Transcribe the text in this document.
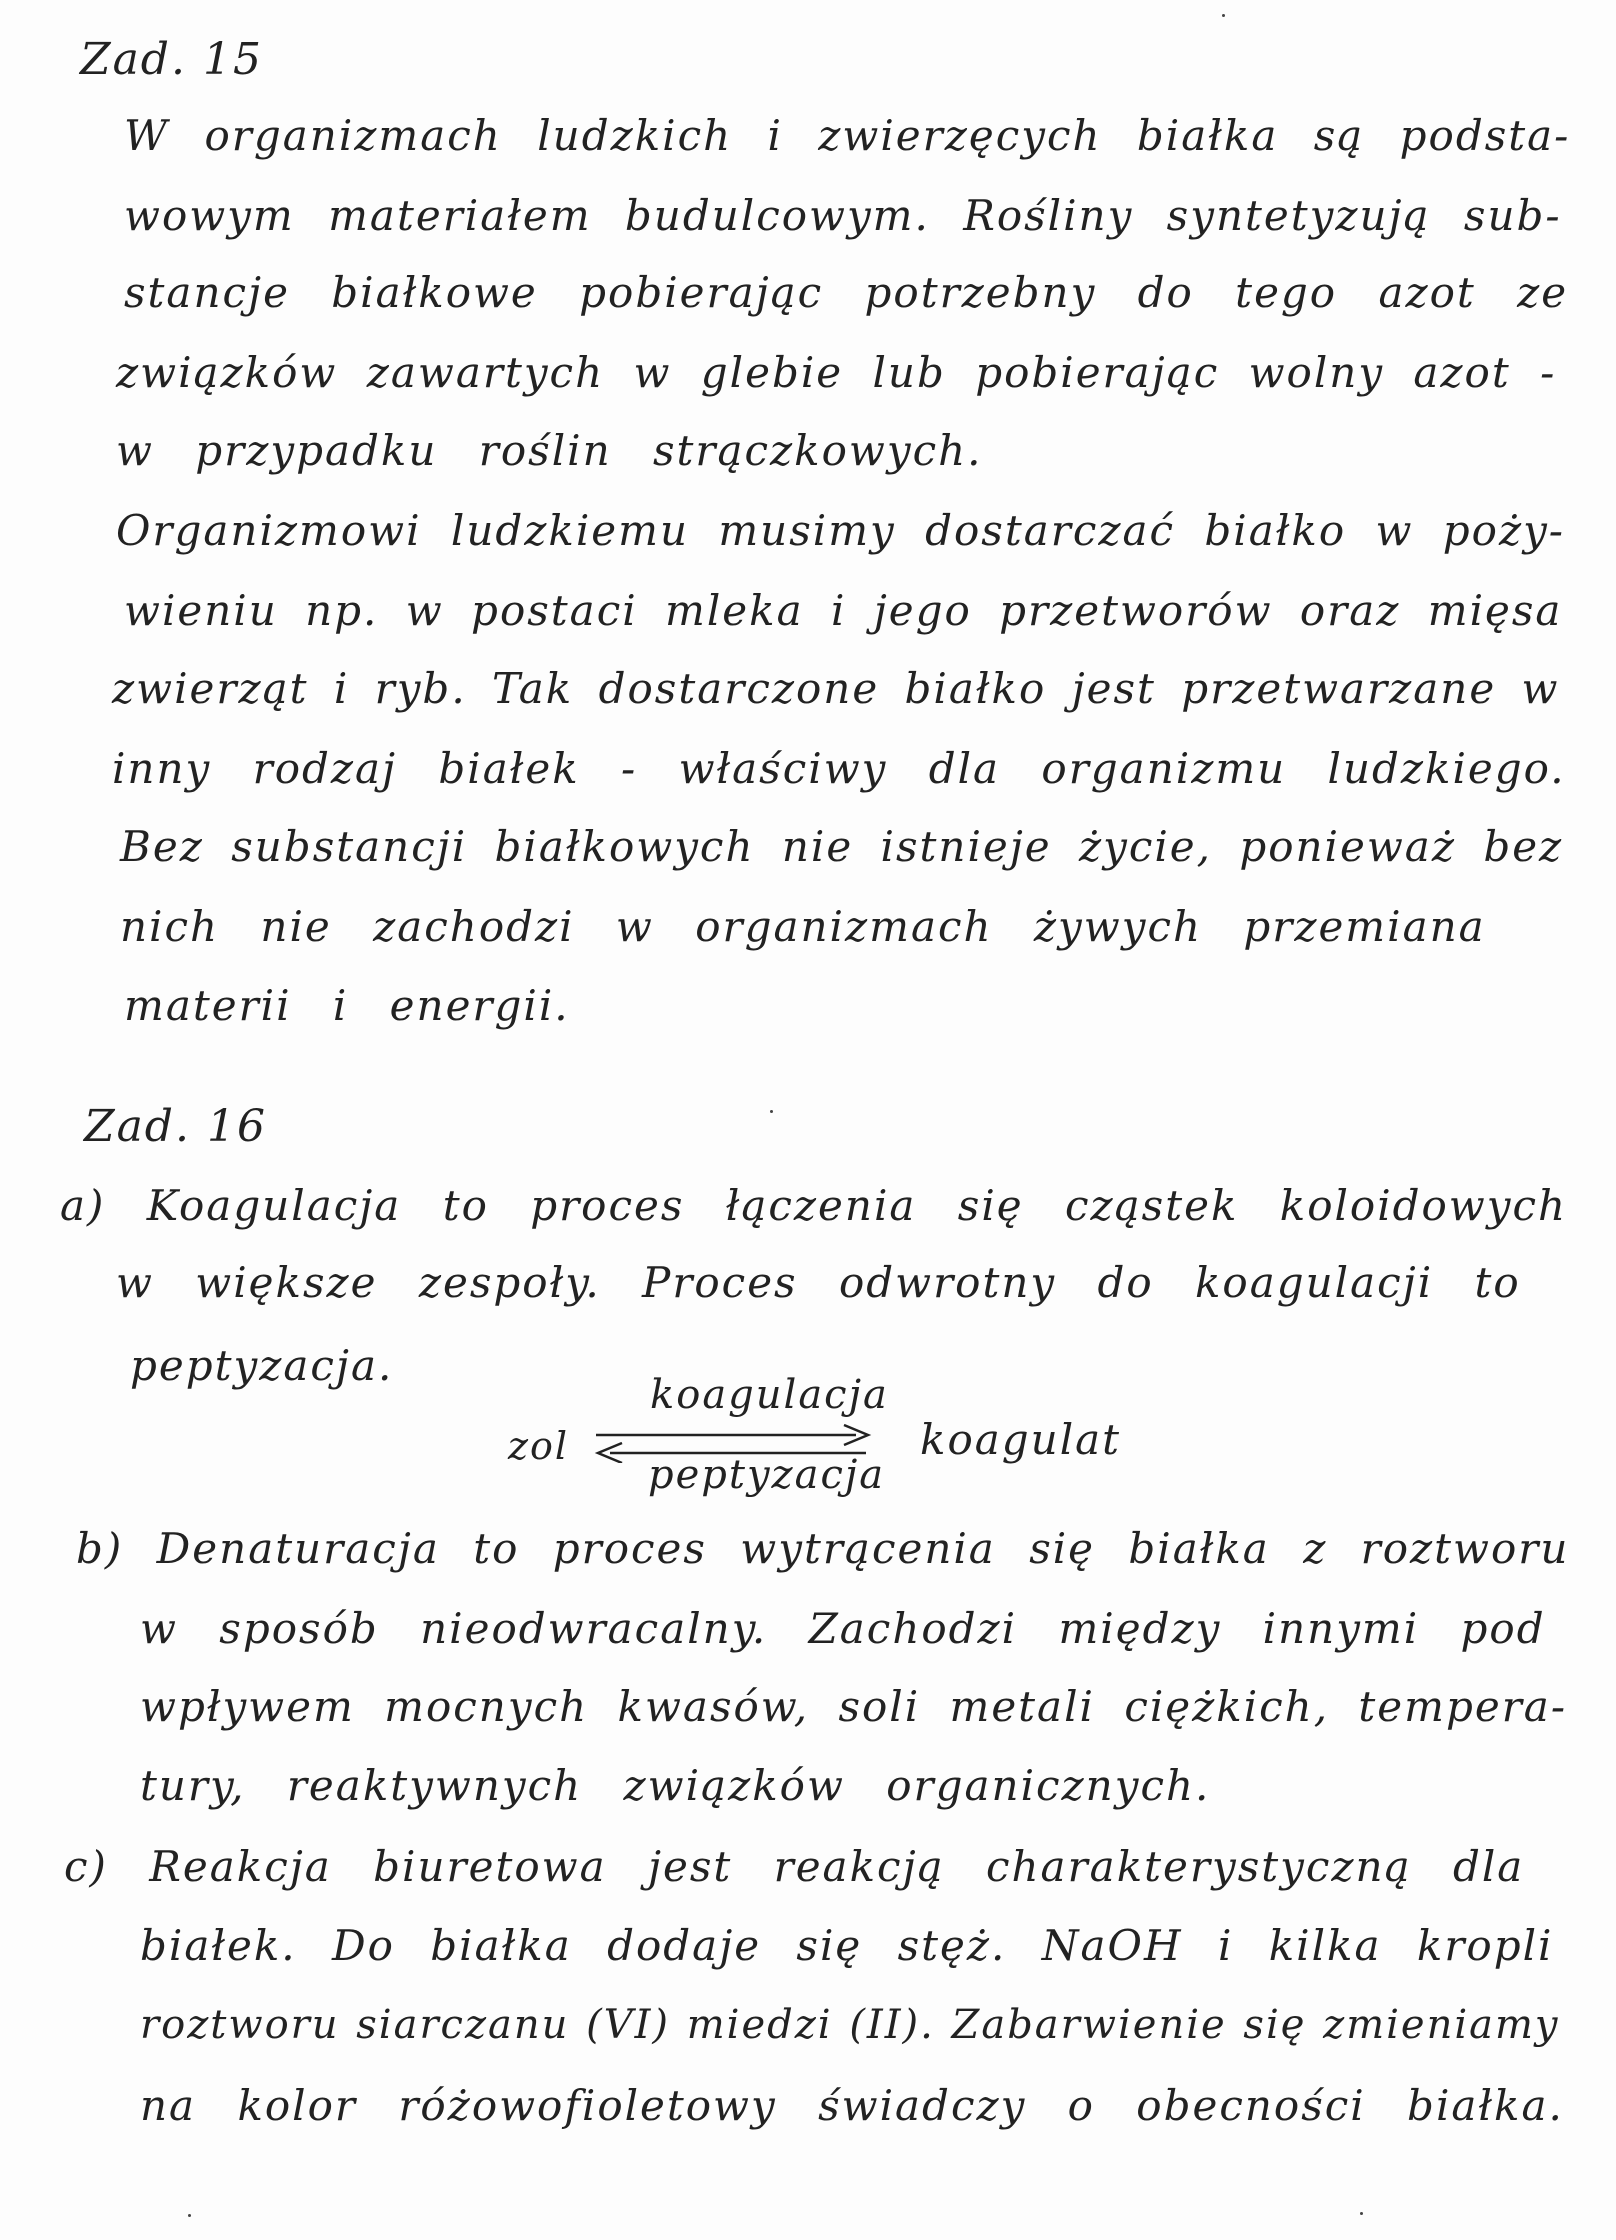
Zad. 15
W organizmach ludzkich i zwierzęcych białka są podsta-
wowym materiałem budulcowym. Rośliny syntetyzują sub-
stancje białkowe pobierając potrzebny do tego azot ze
związków zawartych w glebie lub pobierając wolny azot -
w przypadku roślin strączkowych.
Organizmowi ludzkiemu musimy dostarczać białko w poży-
wieniu np. w postaci mleka i jego przetworów oraz mięsa
zwierząt i ryb. Tak dostarczone białko jest przetwarzane w
inny rodzaj białek - właściwy dla organizmu ludzkiego.
Bez substancji białkowych nie istnieje życie, ponieważ bez
nich nie zachodzi w organizmach żywych przemiana
materii i energii.
Zad. 16
a) Koagulacja to proces łączenia się cząstek koloidowych
w większe zespoły. Proces odwrotny do koagulacji to
peptyzacja.
zol
koagulacja
peptyzacja
koagulat
b) Denaturacja to proces wytrącenia się białka z roztworu
w sposób nieodwracalny. Zachodzi między innymi pod
wpływem mocnych kwasów, soli metali ciężkich, tempera-
tury, reaktywnych związków organicznych.
c) Reakcja biuretowa jest reakcją charakterystyczną dla
białek. Do białka dodaje się stęż. NaOH i kilka kropli
roztworu siarczanu (VI) miedzi (II). Zabarwienie się zmieniamy
na kolor różowofioletowy świadczy o obecności białka.
